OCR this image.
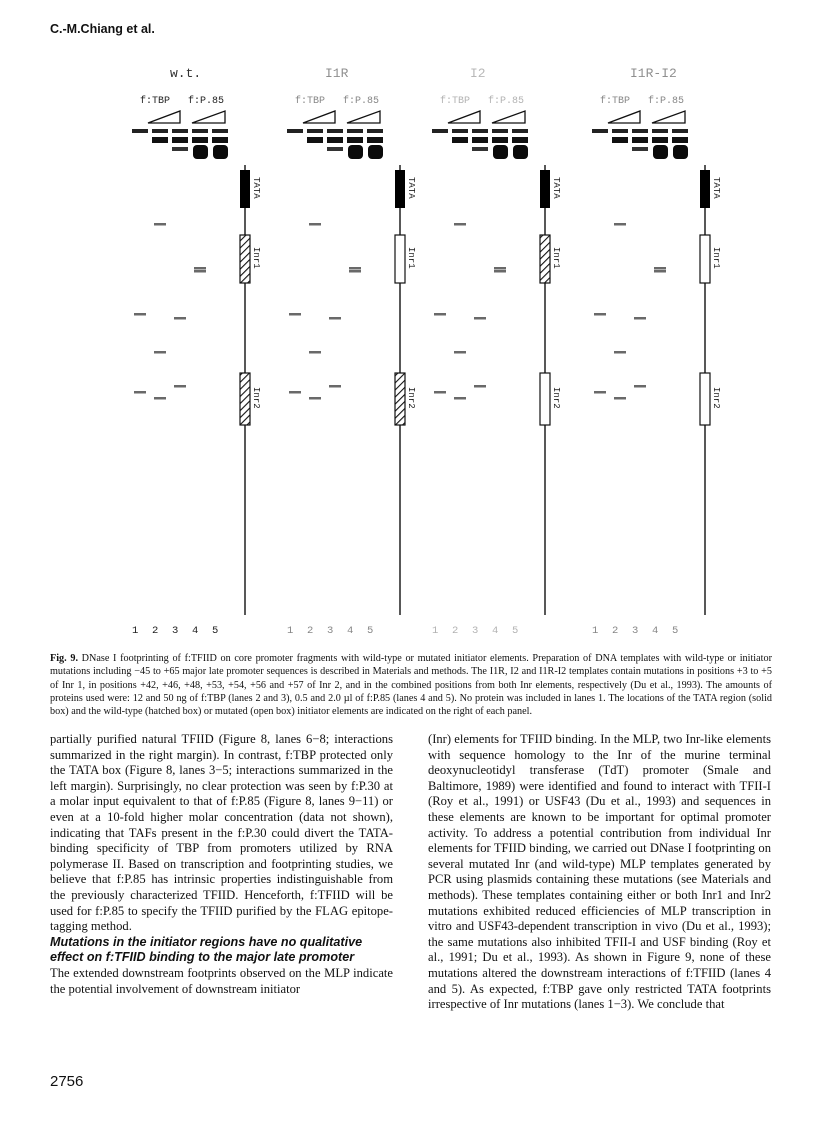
C.-M.Chiang et al.
w.t.
f:TBP f:P.85
TATA
Inr1
Inr2
1 2 3 4 5
I1R
f:TBP f:P.85
TATA
Inr1
Inr2
1 2 3 4 5
I2
f:TBP f:P.85
TATA
Inr1
Inr2
1 2 3 4 5
I1R-I2
f:TBP f:P.85
TATA
Inr1
Inr2
1 2 3 4 5
Fig. 9. DNase I footprinting of f:TFIID on core promoter fragments with wild-type or mutated initiator elements. Preparation of DNA templates with wild-type or initiator mutations including −45 to +65 major late promoter sequences is described in Materials and methods. The I1R, I2 and I1R-I2 templates contain mutations in positions +3 to +5 of Inr 1, in positions +42, +46, +48, +53, +54, +56 and +57 of Inr 2, and in the combined positions from both Inr elements, respectively (Du et al., 1993). The amounts of proteins used were: 12 and 50 ng of f:TBP (lanes 2 and 3), 0.5 and 2.0 µl of f:P.85 (lanes 4 and 5). No protein was included in lanes 1. The locations of the TATA region (solid box) and the wild-type (hatched box) or mutated (open box) initiator elements are indicated on the right of each panel.

partially purified natural TFIID (Figure 8, lanes 6−8; interactions summarized in the right margin). In contrast, f:TBP protected only the TATA box (Figure 8, lanes 3−5; interactions summarized in the left margin). Surprisingly, no clear protection was seen by f:P.30 at a molar input equivalent to that of f:P.85 (Figure 8, lanes 9−11) or even at a 10-fold higher molar concentration (data not shown), indicating that TAFs present in the f:P.30 could divert the TATA-binding specificity of TBP from promoters utilized by RNA polymerase II. Based on transcription and footprinting studies, we believe that f:P.85 has intrinsic properties indistinguishable from the previously characterized TFIID. Henceforth, f:TFIID will be used for f:P.85 to specify the TFIID purified by the FLAG epitope-tagging method.

Mutations in the initiator regions have no qualitative effect on f:TFIID binding to the major late promoter

The extended downstream footprints observed on the MLP indicate the potential involvement of downstream initiator

(Inr) elements for TFIID binding. In the MLP, two Inr-like elements with sequence homology to the Inr of the murine terminal deoxynucleotidyl transferase (TdT) promoter (Smale and Baltimore, 1989) were identified and found to interact with TFII-I (Roy et al., 1991) or USF43 (Du et al., 1993) and sequences in these elements are known to be important for optimal promoter activity. To address a potential contribution from individual Inr elements for TFIID binding, we carried out DNase I footprinting on several mutated Inr (and wild-type) MLP templates generated by PCR using plasmids containing these mutations (see Materials and methods). These templates containing either or both Inr1 and Inr2 mutations exhibited reduced efficiencies of MLP transcription in vitro and USF43-dependent transcription in vivo (Du et al., 1993); the same mutations also inhibited TFII-I and USF binding (Roy et al., 1991; Du et al., 1993). As shown in Figure 9, none of these mutations altered the downstream interactions of f:TFIID (lanes 4 and 5). As expected, f:TBP gave only restricted TATA footprints irrespective of Inr mutations (lanes 1−3). We conclude that

2756
